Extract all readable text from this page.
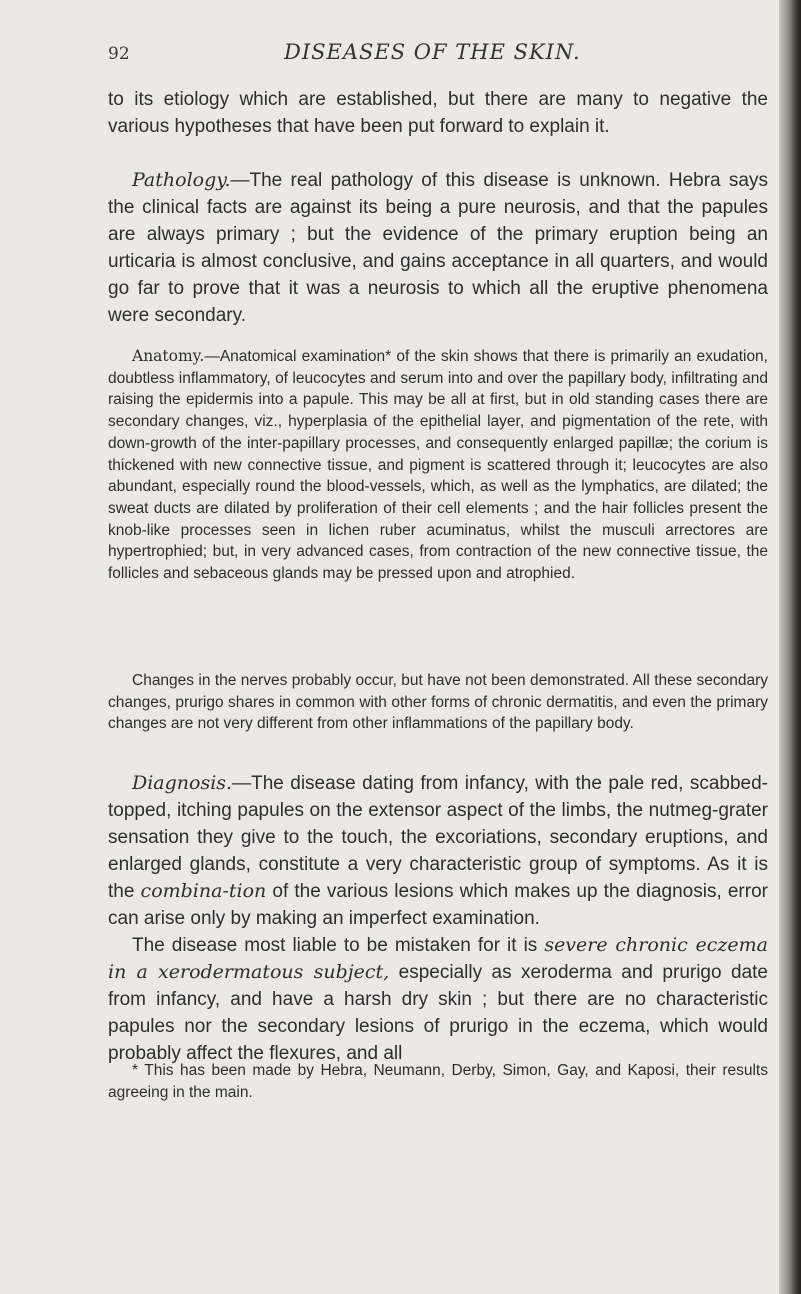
92	DISEASES OF THE SKIN.

to its etiology which are established, but there are many to negative the various hypotheses that have been put forward to explain it.

Pathology.—The real pathology of this disease is unknown. Hebra says the clinical facts are against its being a pure neurosis, and that the papules are always primary ; but the evidence of the primary eruption being an urticaria is almost conclusive, and gains acceptance in all quarters, and would go far to prove that it was a neurosis to which all the eruptive phenomena were secondary.

Anatomy.—Anatomical examination* of the skin shows that there is primarily an exudation, doubtless inflammatory, of leucocytes and serum into and over the papillary body, infiltrating and raising the epidermis into a papule. This may be all at first, but in old standing cases there are secondary changes, viz., hyperplasia of the epithelial layer, and pigmentation of the rete, with down-growth of the inter-papillary processes, and consequently enlarged papillæ; the corium is thickened with new connective tissue, and pigment is scattered through it; leucocytes are also abundant, especially round the blood-vessels, which, as well as the lymphatics, are dilated; the sweat ducts are dilated by proliferation of their cell elements ; and the hair follicles present the knob-like processes seen in lichen ruber acuminatus, whilst the musculi arrectores are hypertrophied; but, in very advanced cases, from contraction of the new connective tissue, the follicles and sebaceous glands may be pressed upon and atrophied.

Changes in the nerves probably occur, but have not been demonstrated. All these secondary changes, prurigo shares in common with other forms of chronic dermatitis, and even the primary changes are not very different from other inflammations of the papillary body.

Diagnosis.—The disease dating from infancy, with the pale red, scabbed-topped, itching papules on the extensor aspect of the limbs, the nutmeg-grater sensation they give to the touch, the excoriations, secondary eruptions, and enlarged glands, constitute a very characteristic group of symptoms. As it is the combina-tion of the various lesions which makes up the diagnosis, error can arise only by making an imperfect examination.

The disease most liable to be mistaken for it is severe chronic eczema in a xerodermatous subject, especially as xeroderma and prurigo date from infancy, and have a harsh dry skin ; but there are no characteristic papules nor the secondary lesions of prurigo in the eczema, which would probably affect the flexures, and all

* This has been made by Hebra, Neumann, Derby, Simon, Gay, and Kaposi, their results agreeing in the main.
